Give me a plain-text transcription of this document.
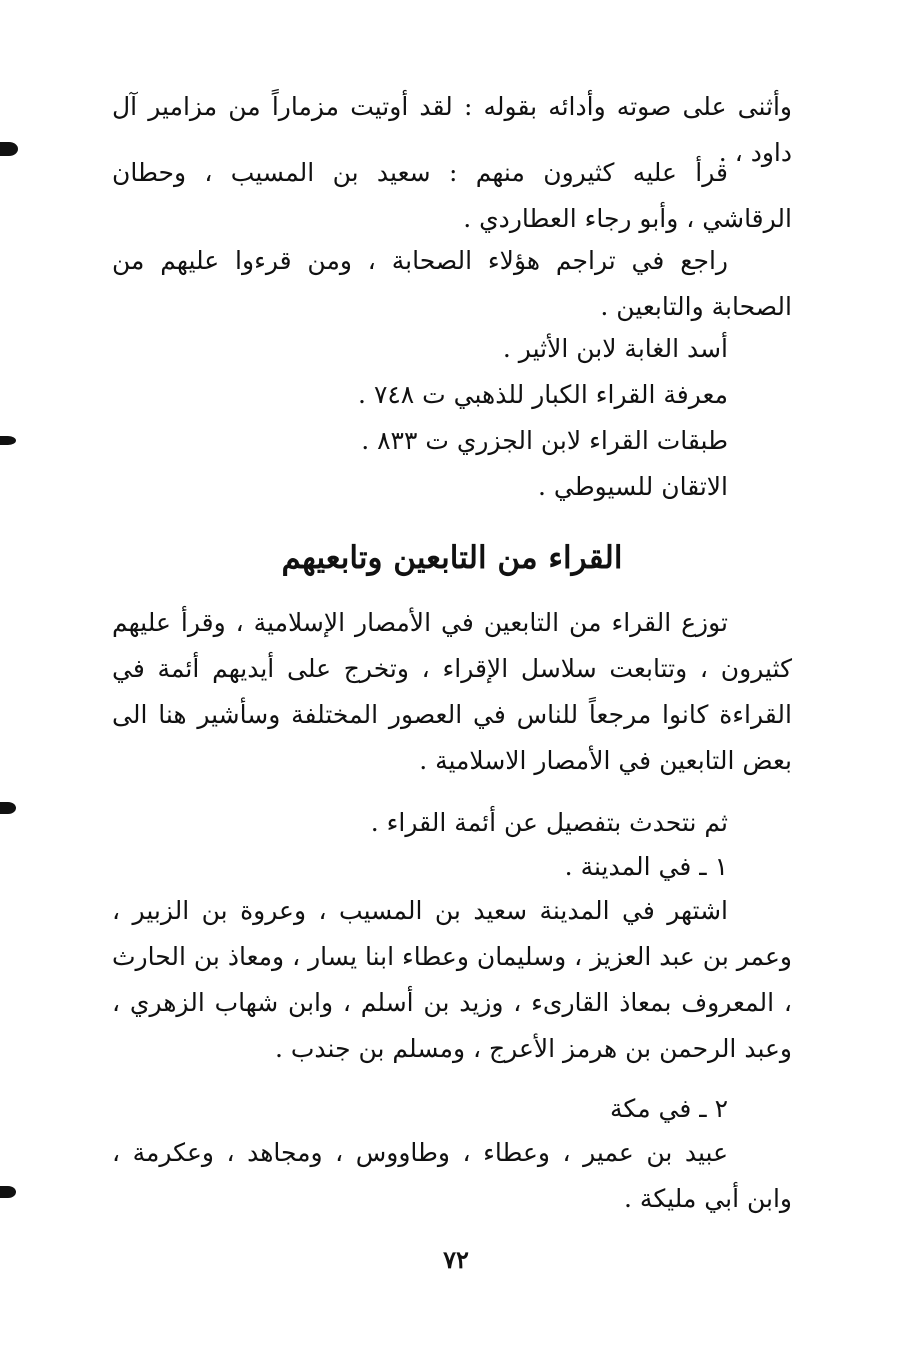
وأثنى على صوته وأدائه بقوله : لقد أوتيت مزماراً من مزامير آل داود ، .

قرأ عليه كثيرون منهم : سعيد بن المسيب ، وحطان الرقاشي ، وأبو رجاء العطاردي .

راجع في تراجم هؤلاء الصحابة ، ومن قرءوا عليهم من الصحابة والتابعين .

أسد الغابة لابن الأثير .

معرفة القراء الكبار للذهبي ت ٧٤٨ .

طبقات القراء لابن الجزري ت ٨٣٣ .

الاتقان للسيوطي .

القراء من التابعين وتابعيهم

توزع القراء من التابعين في الأمصار الإسلامية ، وقرأ عليهم كثيرون ، وتتابعت سلاسل الإقراء ، وتخرج على أيديهم أئمة في القراءة كانوا مرجعاً للناس في العصور المختلفة وسأشير هنا الى بعض التابعين في الأمصار الاسلامية .

ثم نتحدث بتفصيل عن أئمة القراء .

١ ـ في المدينة .

اشتهر في المدينة سعيد بن المسيب ، وعروة بن الزبير ، وعمر بن عبد العزيز ، وسليمان وعطاء ابنا يسار ، ومعاذ بن الحارث ، المعروف بمعاذ القارىء ، وزيد بن أسلم ، وابن شهاب الزهري ، وعبد الرحمن بن هرمز الأعرج ، ومسلم بن جندب .

٢ ـ في مكة

عبيد بن عمير ، وعطاء ، وطاووس ، ومجاهد ، وعكرمة ، وابن أبي مليكة .

٧٢
